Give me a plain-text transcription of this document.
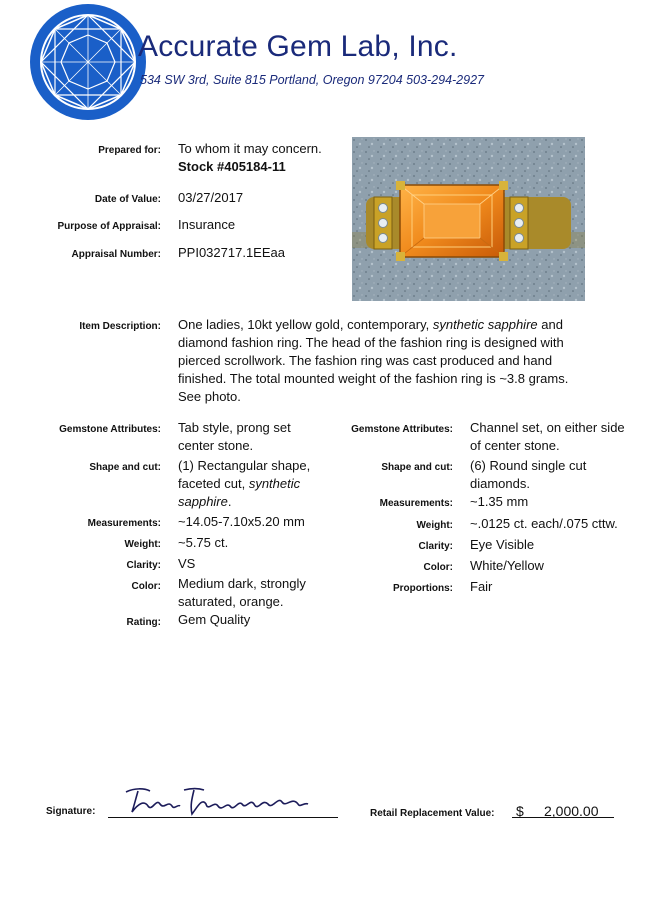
Accurate Gem Lab, Inc.
534 SW 3rd, Suite 815 Portland, Oregon 97204 503-294-2927
Prepared for: To whom it may concern.
Stock #405184-11
Date of Value: 03/27/2017
Purpose of Appraisal: Insurance
Appraisal Number: PPI032717.1EEaa
Item Description: One ladies, 10kt yellow gold, contemporary, synthetic sapphire and
diamond fashion ring. The head of the fashion ring is designed with
pierced scrollwork. The fashion ring was cast produced and hand
finished. The total mounted weight of the fashion ring is ~3.8 grams.
See photo.
Gemstone Attributes: Tab style, prong set
center stone.
Shape and cut: (1) Rectangular shape,
faceted cut, synthetic
sapphire.
Measurements: ~14.05-7.10x5.20 mm
Weight: ~5.75 ct.
Clarity: VS
Color: Medium dark, strongly
saturated, orange.
Rating: Gem Quality
Gemstone Attributes: Channel set, on either side
of center stone.
Shape and cut: (6) Round single cut
diamonds.
Measurements: ~1.35 mm
Weight: ~.0125 ct. each/.075 cttw.
Clarity: Eye Visible
Color: White/Yellow
Proportions: Fair
Signature:	Retail Replacement Value: $ 2,000.00
